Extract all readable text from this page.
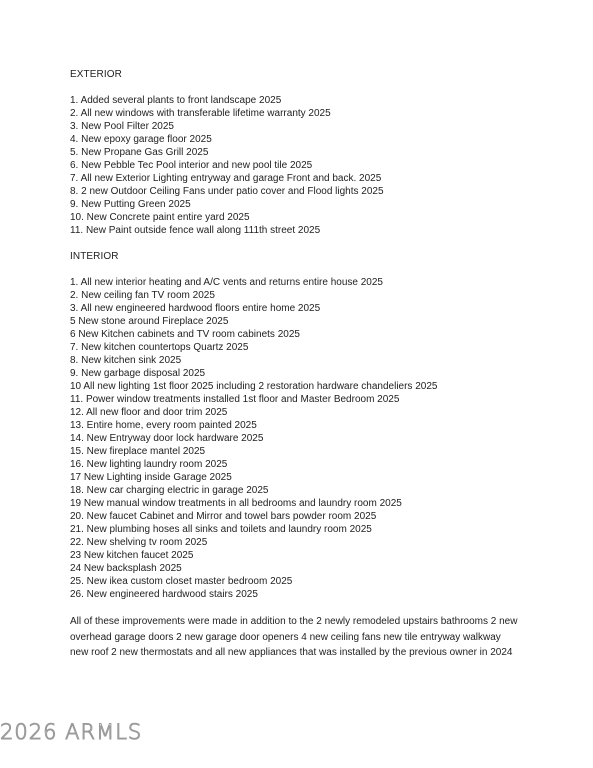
EXTERIOR
1. Added several plants to front landscape 2025
2. All new windows with transferable lifetime warranty 2025
3. New Pool Filter 2025
4. New epoxy garage floor 2025
5. New Propane Gas Grill 2025
6. New Pebble Tec Pool interior and new pool tile 2025
7. All new Exterior Lighting entryway and garage Front and back. 2025
8. 2 new Outdoor Ceiling Fans under patio cover and Flood lights 2025
9. New Putting Green 2025
10. New Concrete paint entire yard 2025
11. New Paint outside fence wall along 111th street 2025
INTERIOR
1. All new interior heating and A/C vents and returns entire house 2025
2. New ceiling fan TV room 2025
3. All new engineered hardwood floors entire home 2025
5 New stone around Fireplace 2025
6 New Kitchen cabinets and TV room cabinets 2025
7. New kitchen countertops Quartz 2025
8. New kitchen sink 2025
9. New garbage disposal 2025
10 All new lighting 1st floor 2025 including 2 restoration hardware chandeliers 2025
11. Power window treatments installed 1st floor and Master Bedroom 2025
12. All new floor and door trim 2025
13. Entire home, every room painted 2025
14. New Entryway door lock hardware 2025
15. New fireplace mantel 2025
16. New lighting laundry room 2025
17 New Lighting inside Garage 2025
18. New car charging electric in garage 2025
19 New manual window treatments in all bedrooms and laundry room 2025
20. New faucet Cabinet and Mirror and towel bars powder room 2025
21. New plumbing hoses all sinks and toilets and laundry room 2025
22. New shelving tv room 2025
23 New kitchen faucet 2025
24 New backsplash 2025
25. New ikea custom closet master bedroom 2025
26. New engineered hardwood stairs 2025

All of these improvements were made in addition to the 2 newly remodeled upstairs bathrooms 2 new overhead garage doors 2 new garage door openers 4 new ceiling fans new tile entryway walkway new roof 2 new thermostats and all new appliances that was installed by the previous owner in 2024

2026 ARMLS
